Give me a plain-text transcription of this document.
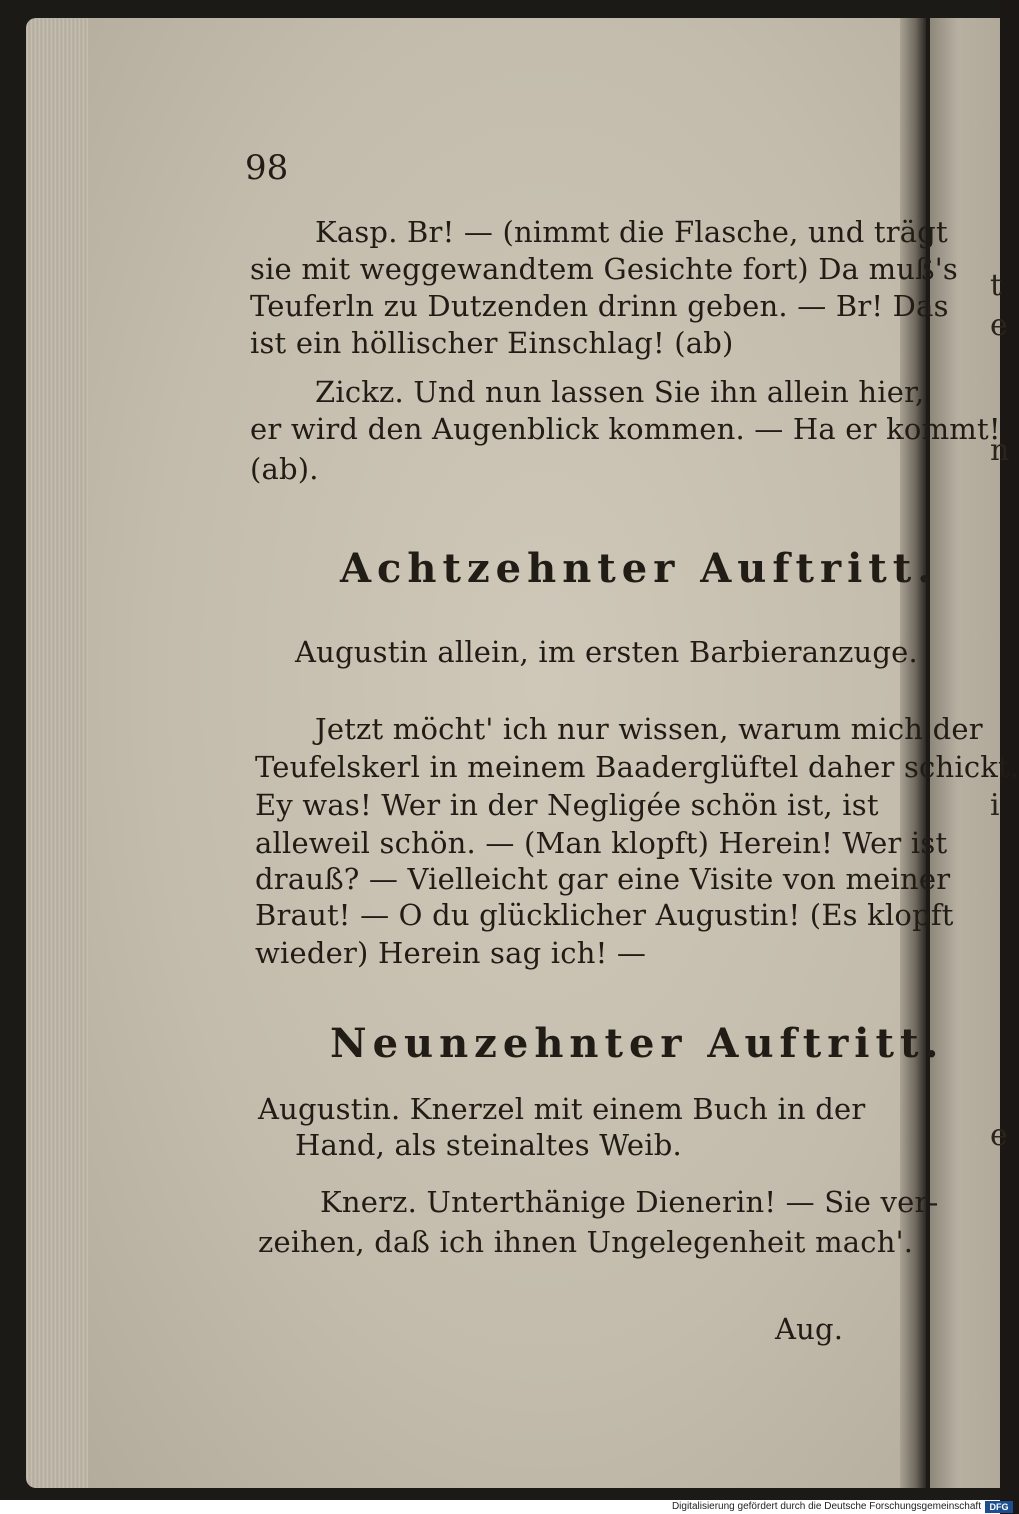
t
e
n
i
e
98
Kasp. Br! — (nimmt die Flasche, und trägt
sie mit weggewandtem Gesichte fort) Da muß's
Teuferln zu Dutzenden drinn geben. — Br! Das
ist ein höllischer Einschlag! (ab)
Zickz. Und nun lassen Sie ihn allein hier,
er wird den Augenblick kommen. — Ha er kommt!
(ab).
Achtzehnter Auftritt.
Augustin allein, im ersten Barbieranzuge.
Jetzt möcht' ich nur wissen, warum mich der
Teufelskerl in meinem Baaderglüftel daher schickt.
Ey was! Wer in der Negligée schön ist, ist
alleweil schön. — (Man klopft) Herein! Wer ist
drauß? — Vielleicht gar eine Visite von meiner
Braut! — O du glücklicher Augustin! (Es klopft
wieder) Herein sag ich! —
Neunzehnter Auftritt.
Augustin. Knerzel mit einem Buch in der
Hand, als steinaltes Weib.
Knerz. Unterthänige Dienerin! — Sie ver-
zeihen, daß ich ihnen Ungelegenheit mach'.
Aug.
Digitalisierung gefördert durch die Deutsche Forschungsgemeinschaft DFG
